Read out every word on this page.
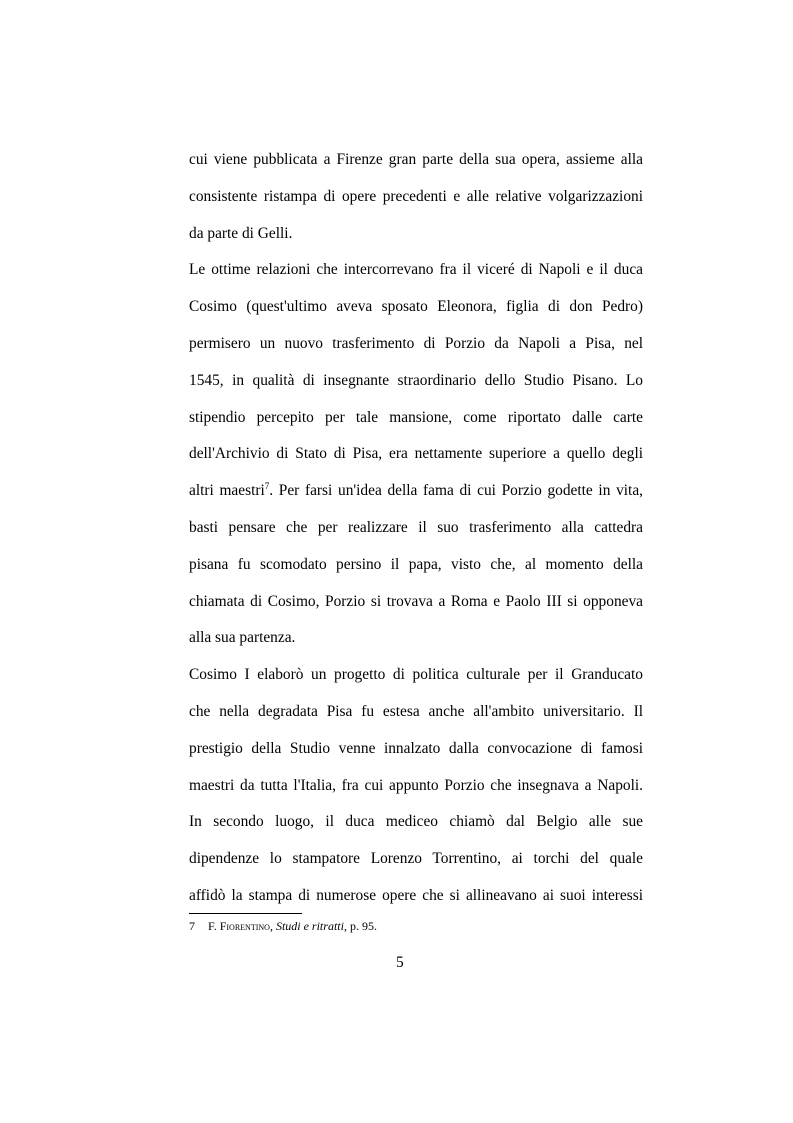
cui viene pubblicata a Firenze gran parte della sua opera, assieme alla
consistente ristampa di opere precedenti e alle relative volgarizzazioni
da parte di Gelli.
Le ottime relazioni che intercorrevano fra il viceré di Napoli e il duca
Cosimo (quest'ultimo aveva sposato Eleonora, figlia di don Pedro)
permisero un nuovo trasferimento di Porzio da Napoli a Pisa, nel
1545, in qualità di insegnante straordinario dello Studio Pisano. Lo
stipendio percepito per tale mansione, come riportato dalle carte
dell'Archivio di Stato di Pisa, era nettamente superiore a quello degli
altri maestri$^7$. Per farsi un'idea della fama di cui Porzio godette in vita,
basti pensare che per realizzare il suo trasferimento alla cattedra
pisana fu scomodato persino il papa, visto che, al momento della
chiamata di Cosimo, Porzio si trovava a Roma e Paolo III si opponeva
alla sua partenza.
Cosimo I elaborò un progetto di politica culturale per il Granducato
che nella degradata Pisa fu estesa anche all'ambito universitario. Il
prestigio della Studio venne innalzato dalla convocazione di famosi
maestri da tutta l'Italia, fra cui appunto Porzio che insegnava a Napoli.
In secondo luogo, il duca mediceo chiamò dal Belgio alle sue
dipendenze lo stampatore Lorenzo Torrentino, ai torchi del quale
affidò la stampa di numerose opere che si allineavano ai suoi interessi
7 F. Fiorentino, Studi e ritratti, p. 95.
5
